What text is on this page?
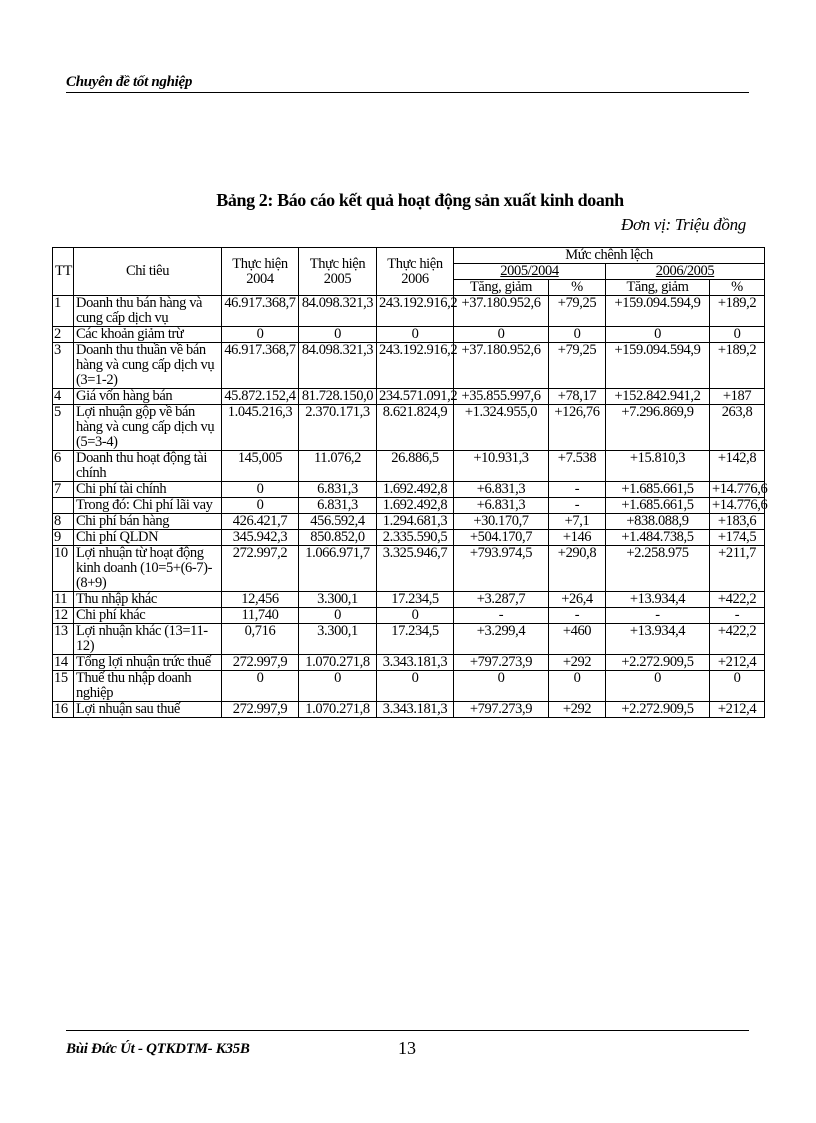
Chuyên đề tốt nghiệp
Bảng 2: Báo cáo kết quả hoạt động sản xuất kinh doanh
Đơn vị: Triệu đồng
TT	Chỉ tiêu	Thực hiện 2004	Thực hiện 2005	Thực hiện 2006	Mức chênh lệch			
					2005/2004		2006/2005	
					Tăng, giảm	%	Tăng, giảm	%
1	Doanh thu bán hàng và cung cấp dịch vụ	46.917.368,7	84.098.321,3	243.192.916,2	+37.180.952,6	+79,25	+159.094.594,9	+189,2
2	Các khoản giảm trừ	0	0	0	0	0	0	0
3	Doanh thu thuần về bán hàng và cung cấp dịch vụ (3=1-2)	46.917.368,7	84.098.321,3	243.192.916,2	+37.180.952,6	+79,25	+159.094.594,9	+189,2
4	Giá vốn hàng bán	45.872.152,4	81.728.150,0	234.571.091,2	+35.855.997,6	+78,17	+152.842.941,2	+187
5	Lợi nhuận gộp về bán hàng và cung cấp dịch vụ (5=3-4)	1.045.216,3	2.370.171,3	8.621.824,9	+1.324.955,0	+126,76	+7.296.869,9	263,8
6	Doanh thu hoạt động tài chính	145,005	11.076,2	26.886,5	+10.931,3	+7.538	+15.810,3	+142,8
7	Chi phí tài chính	0	6.831,3	1.692.492,8	+6.831,3	-	+1.685.661,5	+14.776,6
	Trong đó: Chi phí lãi vay	0	6.831,3	1.692.492,8	+6.831,3	-	+1.685.661,5	+14.776,6
8	Chi phí bán hàng	426.421,7	456.592,4	1.294.681,3	+30.170,7	+7,1	+838.088,9	+183,6
9	Chi phí QLDN	345.942,3	850.852,0	2.335.590,5	+504.170,7	+146	+1.484.738,5	+174,5
10	Lợi nhuận từ hoạt động kinh doanh (10=5+(6-7)-(8+9)	272.997,2	1.066.971,7	3.325.946,7	+793.974,5	+290,8	+2.258.975	+211,7
11	Thu nhập khác	12,456	3.300,1	17.234,5	+3.287,7	+26,4	+13.934,4	+422,2
12	Chi phí khác	11,740	0	0	-	-	-	-
13	Lợi nhuận khác (13=11-12)	0,716	3.300,1	17.234,5	+3.299,4	+460	+13.934,4	+422,2
14	Tổng lợi nhuận trức thuế	272.997,9	1.070.271,8	3.343.181,3	+797.273,9	+292	+2.272.909,5	+212,4
15	Thuế thu nhập doanh nghiệp	0	0	0	0	0	0	0
16	Lợi nhuận sau thuế	272.997,9	1.070.271,8	3.343.181,3	+797.273,9	+292	+2.272.909,5	+212,4
Bùi Đức Út - QTKDTM- K35B	13
